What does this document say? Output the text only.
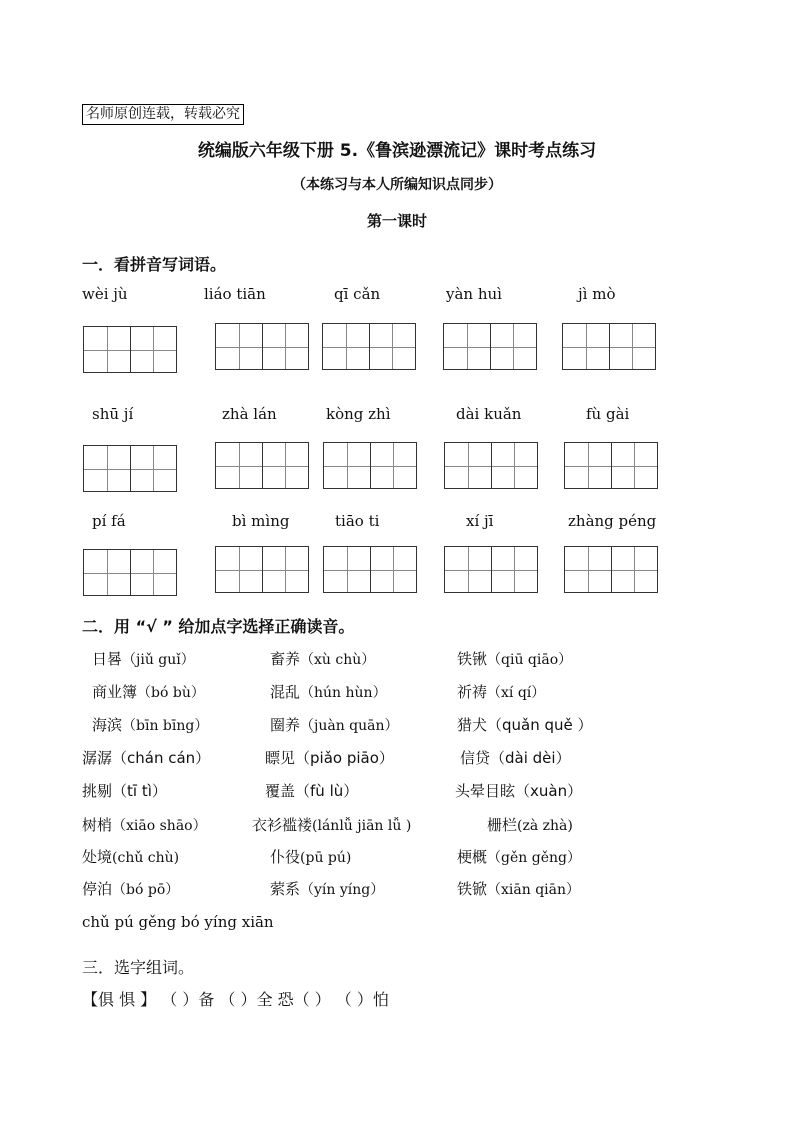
名师原创连载，转载必究
统编版六年级下册 5.《鲁滨逊漂流记》课时考点练习
（本练习与本人所编知识点同步）
第一课时
一．看拼音写词语。
wèi jù	liáo tiān	qī cǎn	yàn huì	jì mò
shū jí	zhà lán	kòng zhì	dài kuǎn	fù gài
pí fá	bì mìng	tiāo ti	xí jī	zhàng péng
二．用 “√ ” 给加点字选择正确读音。
日晷（jiǔ guǐ）	畜养（xù chù）	铁锹（qiū qiāo）
商业簿（bó bù）	混乱（hún hùn）	祈祷（xí qí）
海滨（bīn bīng）	圈养（juàn quān）	猎犬（quǎn quě ）
潺潺（chán cán）	瞟见（piǎo piāo）	信贷（dài dèi）
挑剔（tī tì）	覆盖（fù lù）	头晕目眩（xuàn）
树梢（xiāo shāo）	衣衫褴褛(lánlǚ jiān lǚ )	栅栏(zà zhà)
处境(chǔ chù)	仆役(pū pú)	梗概（gěn gěng）
停泊（bó pō）	萦系（yín yíng）	铁锨（xiān qiān）
chǔ pú gěng bó yíng xiān
三．选字组词。
【俱 惧 】 （ ）备 （ ）全 恐（ ） （ ）怕
